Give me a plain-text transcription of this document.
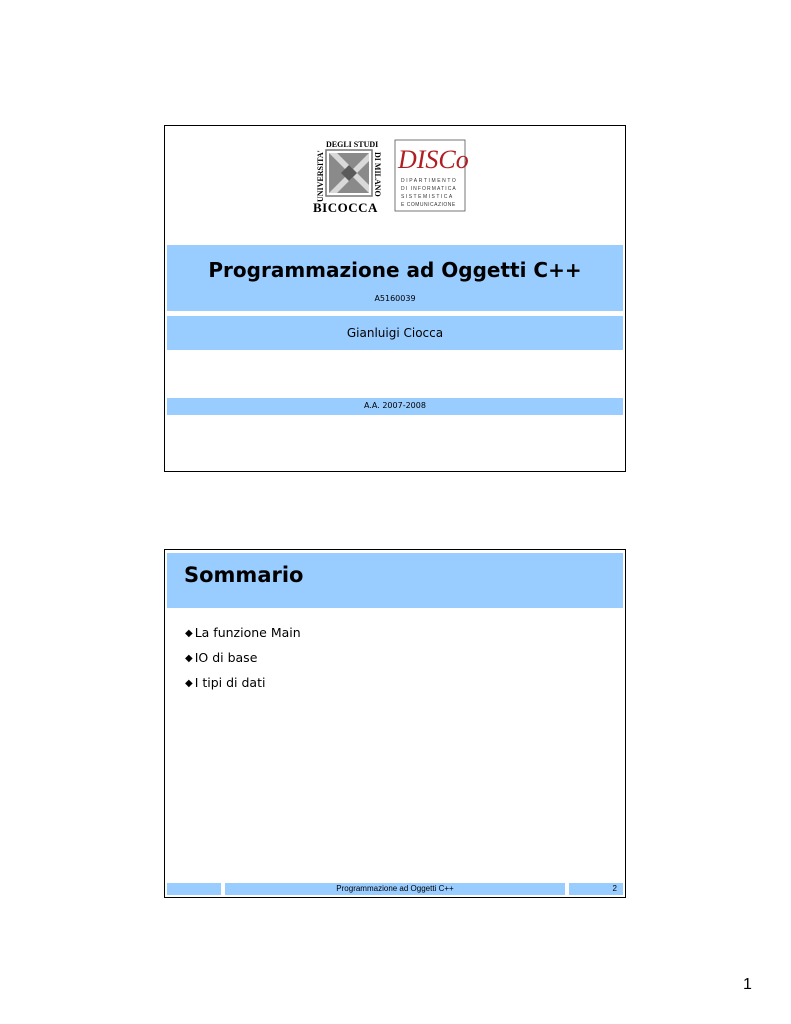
UNIVERSITA'
DEGLI STUDI
DI MILANO
BICOCCA
DISCo
DIPARTIMENTO
DI INFORMATICA
SISTEMISTICA
E COMUNICAZIONE
Programmazione ad Oggetti C++
A5160039
Gianluigi Ciocca
A.A. 2007-2008
Sommario
◆ La funzione Main
◆ IO di base
◆ I tipi di dati
Programmazione ad Oggetti C++	2
1
